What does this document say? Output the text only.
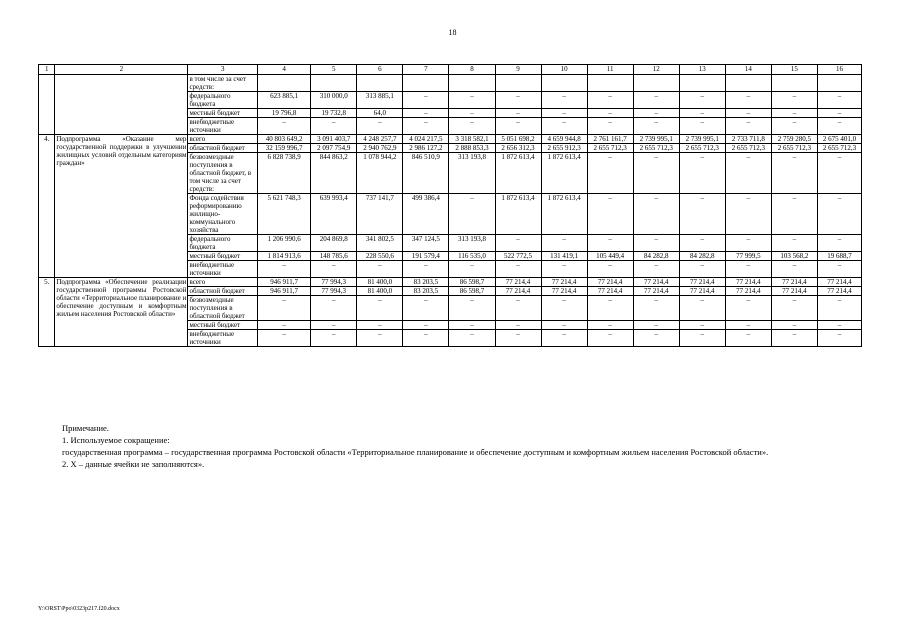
18
1	2	3	4	5	6	7	8	9	10	11	12	13	14	15	16
		в том числе за счет средств:													
		федерального бюджета	623 885,1	310 000,0	313 885,1	–	–	–	–	–	–	–	–	–	–
		местный бюджет	19 796,8	19 732,8	64,0	–	–	–	–	–	–	–	–	–	–
		внебюджетные источники	–	–	–	–	–	–	–	–	–	–	–	–	–
4.	Подпрограмма «Оказание мер государственной поддержки в улучшении жилищных условий отдельным категориям граждан»	всего	40 803 649,2	3 091 403,7	4 248 257,7	4 024 217,5	3 318 582,1	5 051 698,2	4 659 944,8	2 761 161,7	2 739 995,1	2 739 995,1	2 733 711,8	2 759 280,5	2 675 401,0
		областной бюджет	32 159 996,7	2 097 754,9	2 940 762,9	2 986 127,2	2 888 853,3	2 656 312,3	2 655 912,3	2 655 712,3	2 655 712,3	2 655 712,3	2 655 712,3	2 655 712,3	2 655 712,3
		безвозмездные поступления в областной бюджет, в том числе за счет средств:	6 828 738,9	844 863,2	1 078 944,2	846 510,9	313 193,8	1 872 613,4	1 872 613,4	–	–	–	–	–	–
		Фонда содействия реформированию жилищно-коммунального хозяйства	5 621 748,3	639 993,4	737 141,7	499 386,4	–	1 872 613,4	1 872 613,4	–	–	–	–	–	–
		федерального бюджета	1 206 990,6	204 869,8	341 802,5	347 124,5	313 193,8	–	–	–	–	–	–	–	–
		местный бюджет	1 814 913,6	148 785,6	228 550,6	191 579,4	116 535,0	522 772,5	131 419,1	105 449,4	84 282,8	84 282,8	77 999,5	103 568,2	19 688,7
		внебюджетные источники	–	–	–	–	–	–	–	–	–	–	–	–	–
5.	Подпрограмма «Обеспечение реализации государственной программы Ростовской области «Территориальное планирование и обеспечение доступным и комфортным жильем населения Ростовской области»	всего	946 911,7	77 994,3	81 400,0	83 203,5	86 598,7	77 214,4	77 214,4	77 214,4	77 214,4	77 214,4	77 214,4	77 214,4	77 214,4
		областной бюджет	946 911,7	77 994,3	81 400,0	83 203,5	86 598,7	77 214,4	77 214,4	77 214,4	77 214,4	77 214,4	77 214,4	77 214,4	77 214,4
		безвозмездные поступления в областной бюджет	–	–	–	–	–	–	–	–	–	–	–	–	–
		местный бюджет	–	–	–	–	–	–	–	–	–	–	–	–	–
		внебюджетные источники	–	–	–	–	–	–	–	–	–	–	–	–	–

Примечание.

1. Используемое сокращение:

государственная программа – государственная программа Ростовской области «Территориальное планирование и обеспечение доступным и комфортным жильем населения Ростовской области».

2. Х – данные ячейки не заполняются».

Y:\ORST\Ppo\0323p217.f20.docx
